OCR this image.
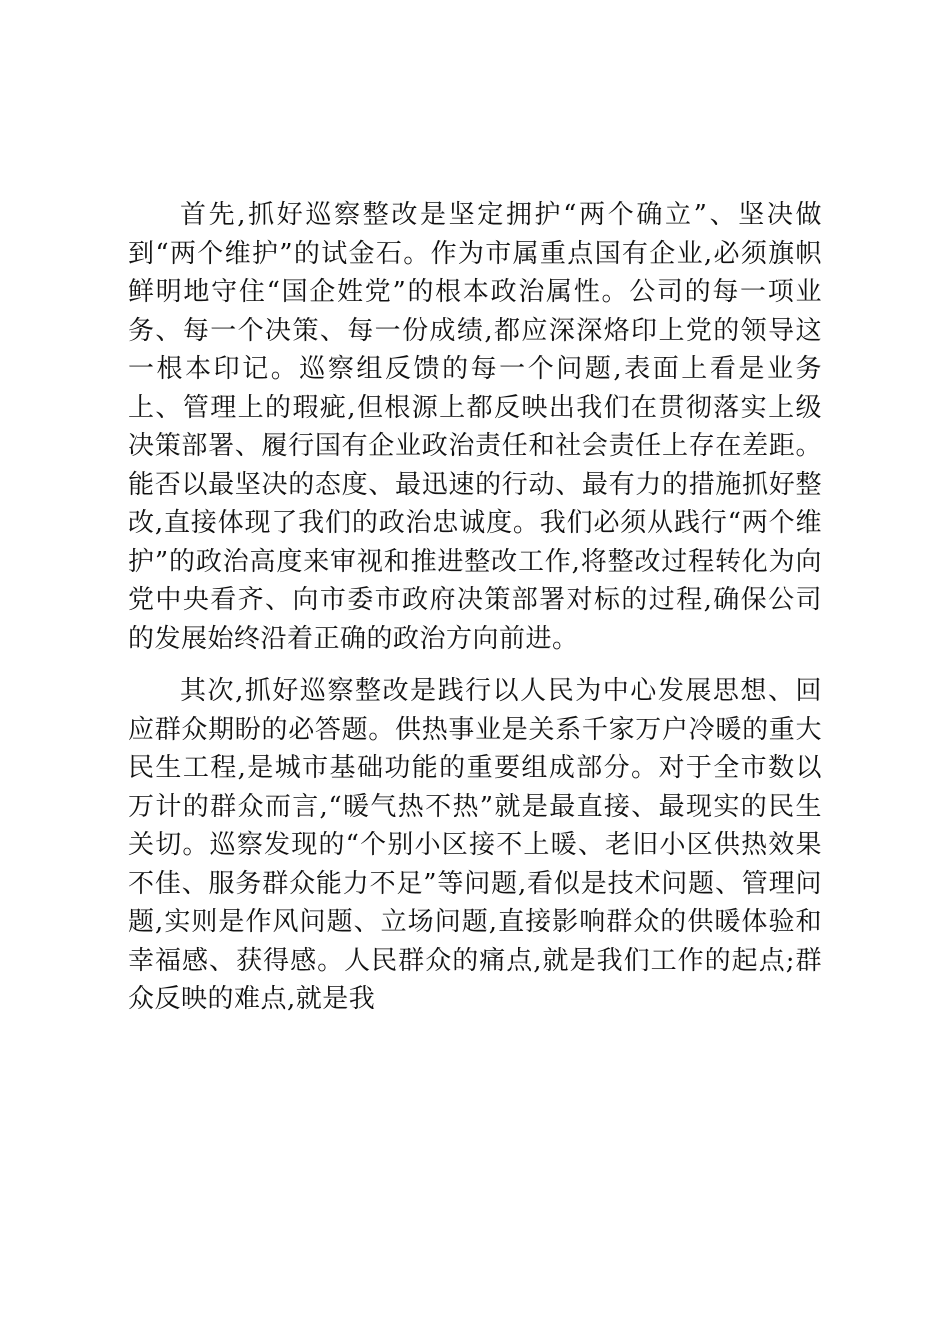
首先,抓好巡察整改是坚定拥护“两个确立”、坚决做到“两个维护”的试金石。作为市属重点国有企业,必须旗帜鲜明地守住“国企姓党”的根本政治属性。公司的每一项业务、每一个决策、每一份成绩,都应深深烙印上党的领导这一根本印记。巡察组反馈的每一个问题,表面上看是业务上、管理上的瑕疵,但根源上都反映出我们在贯彻落实上级决策部署、履行国有企业政治责任和社会责任上存在差距。能否以最坚决的态度、最迅速的行动、最有力的措施抓好整改,直接体现了我们的政治忠诚度。我们必须从践行“两个维护”的政治高度来审视和推进整改工作,将整改过程转化为向党中央看齐、向市委市政府决策部署对标的过程,确保公司的发展始终沿着正确的政治方向前进。

其次,抓好巡察整改是践行以人民为中心发展思想、回应群众期盼的必答题。供热事业是关系千家万户冷暖的重大民生工程,是城市基础功能的重要组成部分。对于全市数以万计的群众而言,“暖气热不热”就是最直接、最现实的民生关切。巡察发现的“个别小区接不上暖、老旧小区供热效果不佳、服务群众能力不足”等问题,看似是技术问题、管理问题,实则是作风问题、立场问题,直接影响群众的供暖体验和幸福感、获得感。人民群众的痛点,就是我们工作的起点;群众反映的难点,就是我
